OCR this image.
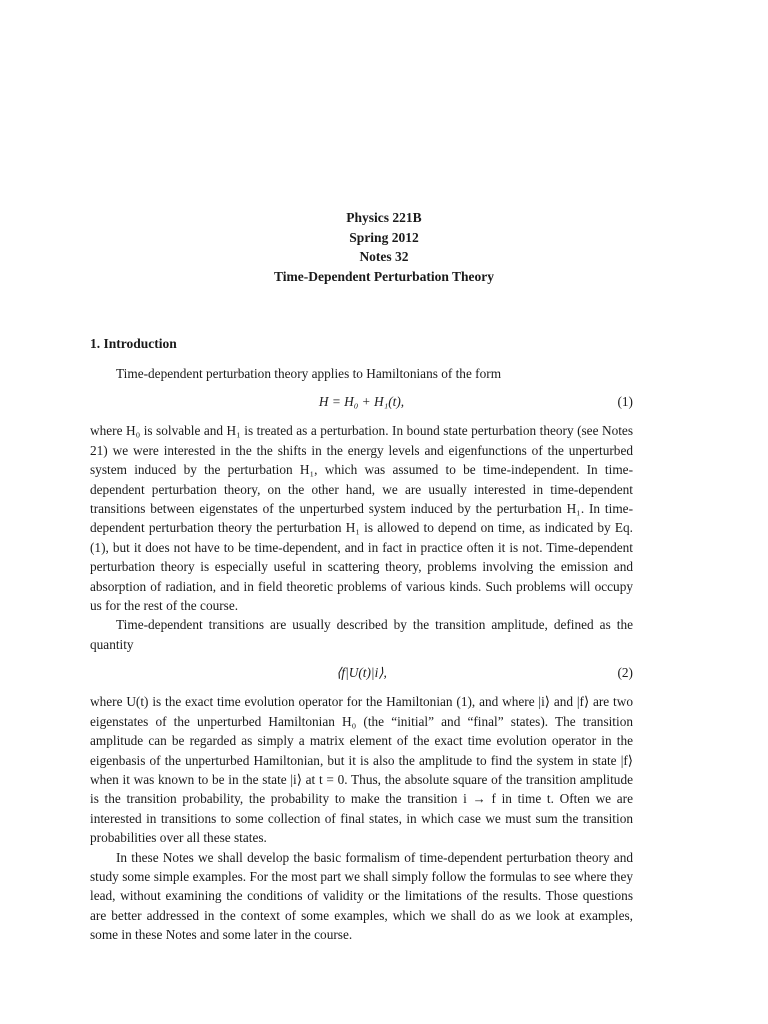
Physics 221B
Spring 2012
Notes 32
Time-Dependent Perturbation Theory
1. Introduction

Time-dependent perturbation theory applies to Hamiltonians of the form

H = H₀ + H₁(t),	(1)

where H₀ is solvable and H₁ is treated as a perturbation. In bound state perturbation theory (see Notes 21) we were interested in the the shifts in the energy levels and eigenfunctions of the unperturbed system induced by the perturbation H₁, which was assumed to be time-independent. In time-dependent perturbation theory, on the other hand, we are usually interested in time-dependent transitions between eigenstates of the unperturbed system induced by the perturbation H₁. In time-dependent perturbation theory the perturbation H₁ is allowed to depend on time, as indicated by Eq. (1), but it does not have to be time-dependent, and in fact in practice often it is not. Time-dependent perturbation theory is especially useful in scattering theory, problems involving the emission and absorption of radiation, and in field theoretic problems of various kinds. Such problems will occupy us for the rest of the course.

Time-dependent transitions are usually described by the transition amplitude, defined as the quantity

⟨f|U(t)|i⟩,	(2)

where U(t) is the exact time evolution operator for the Hamiltonian (1), and where |i⟩ and |f⟩ are two eigenstates of the unperturbed Hamiltonian H₀ (the “initial” and “final” states). The transition amplitude can be regarded as simply a matrix element of the exact time evolution operator in the eigenbasis of the unperturbed Hamiltonian, but it is also the amplitude to find the system in state |f⟩ when it was known to be in the state |i⟩ at t = 0. Thus, the absolute square of the transition amplitude is the transition probability, the probability to make the transition i → f in time t. Often we are interested in transitions to some collection of final states, in which case we must sum the transition probabilities over all these states.

In these Notes we shall develop the basic formalism of time-dependent perturbation theory and study some simple examples. For the most part we shall simply follow the formulas to see where they lead, without examining the conditions of validity or the limitations of the results. Those questions are better addressed in the context of some examples, which we shall do as we look at examples, some in these Notes and some later in the course.
